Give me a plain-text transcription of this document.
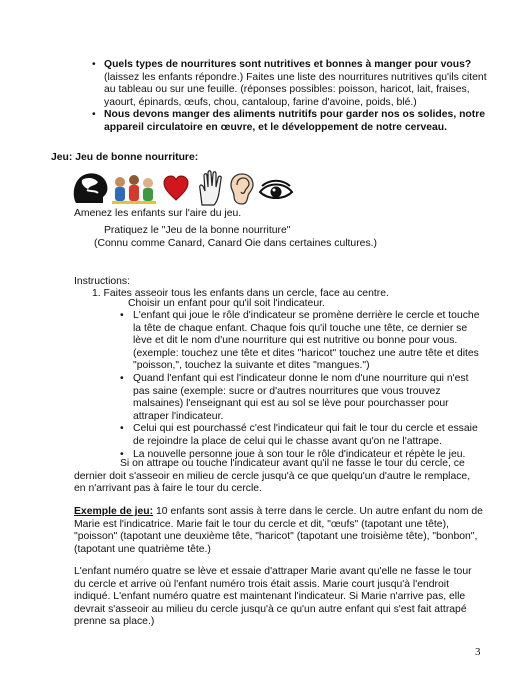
• Quels types de nourritures sont nutritives et bonnes à manger pour vous? (laissez les enfants répondre.) Faites une liste des nourritures nutritives qu'ils citent au tableau ou sur une feuille. (réponses possibles: poisson, haricot, lait, fraises, yaourt, épinards, œufs, chou, cantaloup, farine d'avoine, poids, blé.)
• Nous devons manger des aliments nutritifs pour garder nos os solides, notre appareil circulatoire en œuvre, et le développement de notre cerveau.
Jeu: Jeu de bonne nourriture:
Amenez les enfants sur l'aire du jeu.
Pratiquez le "Jeu de la bonne nourriture"
(Connu comme Canard, Canard Oie dans certaines cultures.)
Instructions:
1. Faites asseoir tous les enfants dans un cercle, face au centre.
Choisir un enfant pour qu'il soit l'indicateur.
• L'enfant qui joue le rôle d'indicateur se promène derrière le cercle et touche la tête de chaque enfant. Chaque fois qu'il touche une tête, ce dernier se lève et dit le nom d'une nourriture qui est nutritive ou bonne pour vous. (exemple: touchez une tête et dites "haricot" touchez une autre tête et dites "poisson,", touchez la suivante et dites "mangues.")
• Quand l'enfant qui est l'indicateur donne le nom d'une nourriture qui n'est pas saine (exemple: sucre or d'autres nourritures que vous trouvez malsaines) l'enseignant qui est au sol se lève pour pourchasser pour attraper l'indicateur.
• Celui qui est pourchassé c'est l'indicateur qui fait le tour du cercle et essaie de rejoindre la place de celui qui le chasse avant qu'on ne l'attrape.
• La nouvelle personne joue à son tour le rôle d'indicateur et répète le jeu.
Si on attrape ou touche l'indicateur avant qu'il ne fasse le tour du cercle, ce dernier doit s'asseoir en milieu de cercle jusqu'à ce que quelqu'un d'autre le remplace, en n'arrivant pas à faire le tour du cercle.

Exemple de jeu: 10 enfants sont assis à terre dans le cercle. Un autre enfant du nom de Marie est l'indicatrice. Marie fait le tour du cercle et dit, "œufs" (tapotant une tête), "poisson" (tapotant une deuxième tête, "haricot" (tapotant une troisième tête), "bonbon", (tapotant une quatrième tête.)

L'enfant numéro quatre se lève et essaie d'attraper Marie avant qu'elle ne fasse le tour du cercle et arrive où l'enfant numéro trois était assis. Marie court jusqu'à l'endroit indiqué. L'enfant numéro quatre est maintenant l'indicateur. Si Marie n'arrive pas, elle devrait s'asseoir au milieu du cercle jusqu'à ce qu'un autre enfant qui s'est fait attrapé prenne sa place.)

3
